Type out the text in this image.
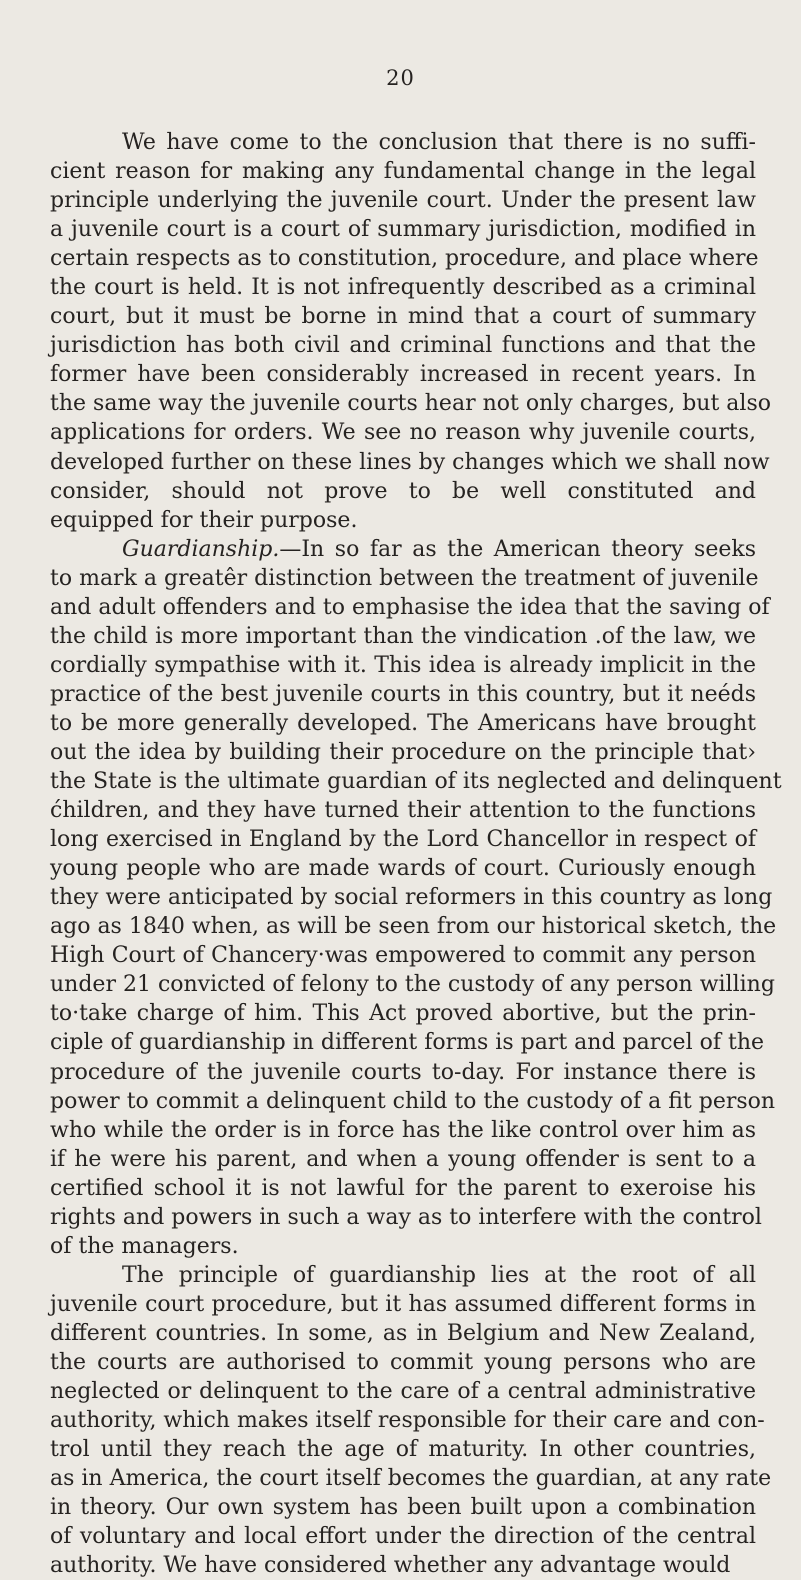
20
We have come to the conclusion that there is no suffi-
cient reason for making any fundamental change in the legal
principle underlying the juvenile court. Under the present law
a juvenile court is a court of summary jurisdiction, modified in
certain respects as to constitution, procedure, and place where
the court is held. It is not infrequently described as a criminal
court, but it must be borne in mind that a court of summary
jurisdiction has both civil and criminal functions and that the
former have been considerably increased in recent years. In
the same way the juvenile courts hear not only charges, but also
applications for orders. We see no reason why juvenile courts,
developed further on these lines by changes which we shall now
consider, should not prove to be well constituted and
equipped for their purpose.
Guardianship.—In so far as the American theory seeks
to mark a greatêr distinction between the treatment of juvenile
and adult offenders and to emphasise the idea that the saving of
the child is more important than the vindication .of the law, we
cordially sympathise with it. This idea is already implicit in the
practice of the best juvenile courts in this country, but it neéds
to be more generally developed. The Americans have brought
out the idea by building their procedure on the principle that›
the State is the ultimate guardian of its neglected and delinquent
ćhildren, and they have turned their attention to the functions
long exercised in England by the Lord Chancellor in respect of
young people who are made wards of court. Curiously enough
they were anticipated by social reformers in this country as long
ago as 1840 when, as will be seen from our historical sketch, the
High Court of Chancery·was empowered to commit any person
under 21 convicted of felony to the custody of any person willing
to·take charge of him. This Act proved abortive, but the prin-
ciple of guardianship in different forms is part and parcel of the
procedure of the juvenile courts to-day. For instance there is
power to commit a delinquent child to the custody of a fit person
who while the order is in force has the like control over him as
if he were his parent, and when a young offender is sent to a
certified school it is not lawful for the parent to exeroise his
rights and powers in such a way as to interfere with the control
of the managers.
The principle of guardianship lies at the root of all
juvenile court procedure, but it has assumed different forms in
different countries. In some, as in Belgium and New Zealand,
the courts are authorised to commit young persons who are
neglected or delinquent to the care of a central administrative
authority, which makes itself responsible for their care and con-
trol until they reach the age of maturity. In other countries,
as in America, the court itself becomes the guardian, at any rate
in theory. Our own system has been built upon a combination
of voluntary and local effort under the direction of the central
authority. We have considered whether any advantage would
